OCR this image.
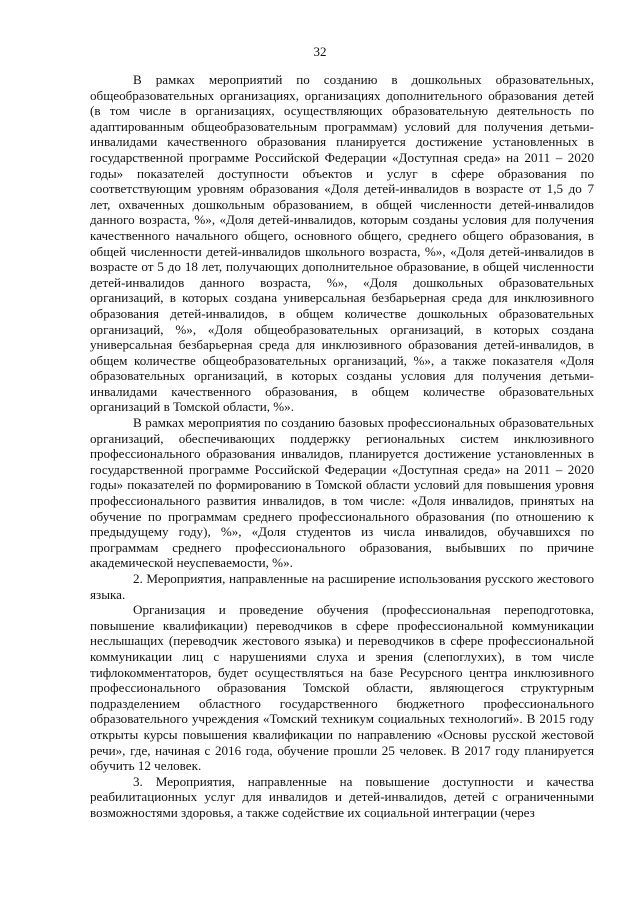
32

В рамках мероприятий по созданию в дошкольных образовательных, общеобразовательных организациях, организациях дополнительного образования детей (в том числе в организациях, осуществляющих образовательную деятельность по адаптированным общеобразовательным программам) условий для получения детьми-инвалидами качественного образования планируется достижение установленных в государственной программе Российской Федерации «Доступная среда» на 2011 – 2020 годы» показателей доступности объектов и услуг в сфере образования по соответствующим уровням образования «Доля детей-инвалидов в возрасте от 1,5 до 7 лет, охваченных дошкольным образованием, в общей численности детей-инвалидов данного возраста, %», «Доля детей-инвалидов, которым созданы условия для получения качественного начального общего, основного общего, среднего общего образования, в общей численности детей-инвалидов школьного возраста, %», «Доля детей-инвалидов в возрасте от 5 до 18 лет, получающих дополнительное образование, в общей численности детей-инвалидов данного возраста, %», «Доля дошкольных образовательных организаций, в которых создана универсальная безбарьерная среда для инклюзивного образования детей-инвалидов, в общем количестве дошкольных образовательных организаций, %», «Доля общеобразовательных организаций, в которых создана универсальная безбарьерная среда для инклюзивного образования детей-инвалидов, в общем количестве общеобразовательных организаций, %», а также показателя «Доля образовательных организаций, в которых созданы условия для получения детьми-инвалидами качественного образования, в общем количестве образовательных организаций в Томской области, %».

В рамках мероприятия по созданию базовых профессиональных образовательных организаций, обеспечивающих поддержку региональных систем инклюзивного профессионального образования инвалидов, планируется достижение установленных в государственной программе Российской Федерации «Доступная среда» на 2011 – 2020 годы» показателей по формированию в Томской области условий для повышения уровня профессионального развития инвалидов, в том числе: «Доля инвалидов, принятых на обучение по программам среднего профессионального образования (по отношению к предыдущему году), %», «Доля студентов из числа инвалидов, обучавшихся по программам среднего профессионального образования, выбывших по причине академической неуспеваемости, %».

2. Мероприятия, направленные на расширение использования русского жестового языка.

Организация и проведение обучения (профессиональная переподготовка, повышение квалификации) переводчиков в сфере профессиональной коммуникации неслышащих (переводчик жестового языка) и переводчиков в сфере профессиональной коммуникации лиц с нарушениями слуха и зрения (слепоглухих), в том числе тифлокомментаторов, будет осуществляться на базе Ресурсного центра инклюзивного профессионального образования Томской области, являющегося структурным подразделением областного государственного бюджетного профессионального образовательного учреждения «Томский техникум социальных технологий». В 2015 году открыты курсы повышения квалификации по направлению «Основы русской жестовой речи», где, начиная с 2016 года, обучение прошли 25 человек. В 2017 году планируется обучить 12 человек.

3. Мероприятия, направленные на повышение доступности и качества реабилитационных услуг для инвалидов и детей-инвалидов, детей с ограниченными возможностями здоровья, а также содействие их социальной интеграции (через
